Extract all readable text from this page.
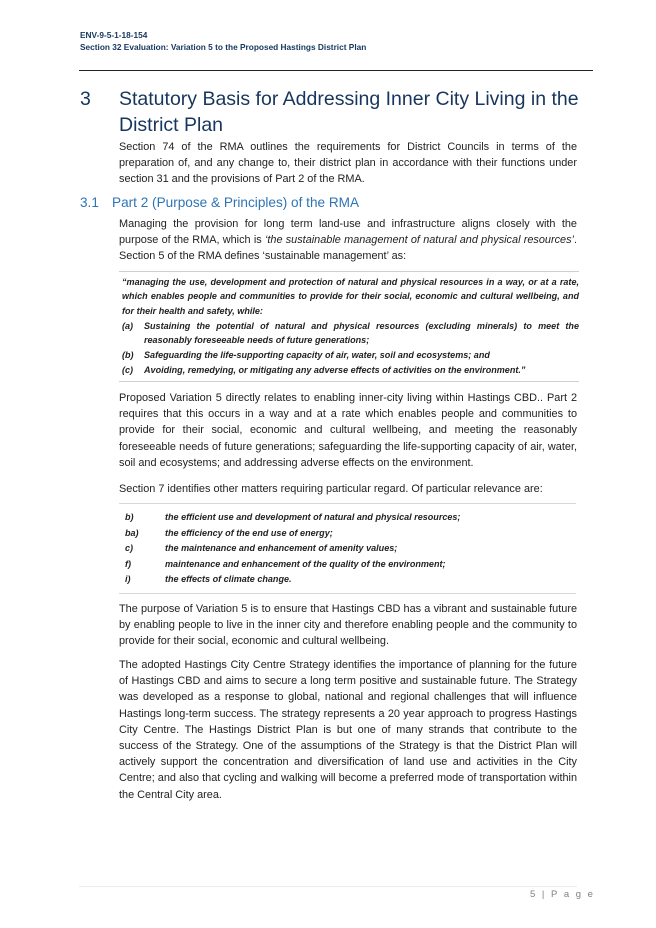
ENV-9-5-1-18-154
Section 32 Evaluation: Variation 5 to the Proposed Hastings District Plan
3 Statutory Basis for Addressing Inner City Living in the District Plan
Section 74 of the RMA outlines the requirements for District Councils in terms of the preparation of, and any change to, their district plan in accordance with their functions under section 31 and the provisions of Part 2 of the RMA.
3.1 Part 2 (Purpose & Principles) of the RMA
Managing the provision for long term land-use and infrastructure aligns closely with the purpose of the RMA, which is ‘the sustainable management of natural and physical resources’. Section 5 of the RMA defines ‘sustainable management’ as:
“managing the use, development and protection of natural and physical resources in a way, or at a rate, which enables people and communities to provide for their social, economic and cultural wellbeing, and for their health and safety, while:
(a) Sustaining the potential of natural and physical resources (excluding minerals) to meet the reasonably foreseeable needs of future generations;
(b) Safeguarding the life-supporting capacity of air, water, soil and ecosystems; and
(c) Avoiding, remedying, or mitigating any adverse effects of activities on the environment.”
Proposed Variation 5 directly relates to enabling inner-city living within Hastings CBD.. Part 2 requires that this occurs in a way and at a rate which enables people and communities to provide for their social, economic and cultural wellbeing, and meeting the reasonably foreseeable needs of future generations; safeguarding the life-supporting capacity of air, water, soil and ecosystems; and addressing adverse effects on the environment.
Section 7 identifies other matters requiring particular regard. Of particular relevance are:
b)	the efficient use and development of natural and physical resources;
ba)	the efficiency of the end use of energy;
c)	the maintenance and enhancement of amenity values;
f)	maintenance and enhancement of the quality of the environment;
i)	the effects of climate change.
The purpose of Variation 5 is to ensure that Hastings CBD has a vibrant and sustainable future by enabling people to live in the inner city and therefore enabling people and the community to provide for their social, economic and cultural wellbeing.
The adopted Hastings City Centre Strategy identifies the importance of planning for the future of Hastings CBD and aims to secure a long term positive and sustainable future. The Strategy was developed as a response to global, national and regional challenges that will influence Hastings long-term success. The strategy represents a 20 year approach to progress Hastings City Centre. The Hastings District Plan is but one of many strands that contribute to the success of the Strategy. One of the assumptions of the Strategy is that the District Plan will actively support the concentration and diversification of land use and activities in the City Centre; and also that cycling and walking will become a preferred mode of transportation within the Central City area.
5 | P a g e
